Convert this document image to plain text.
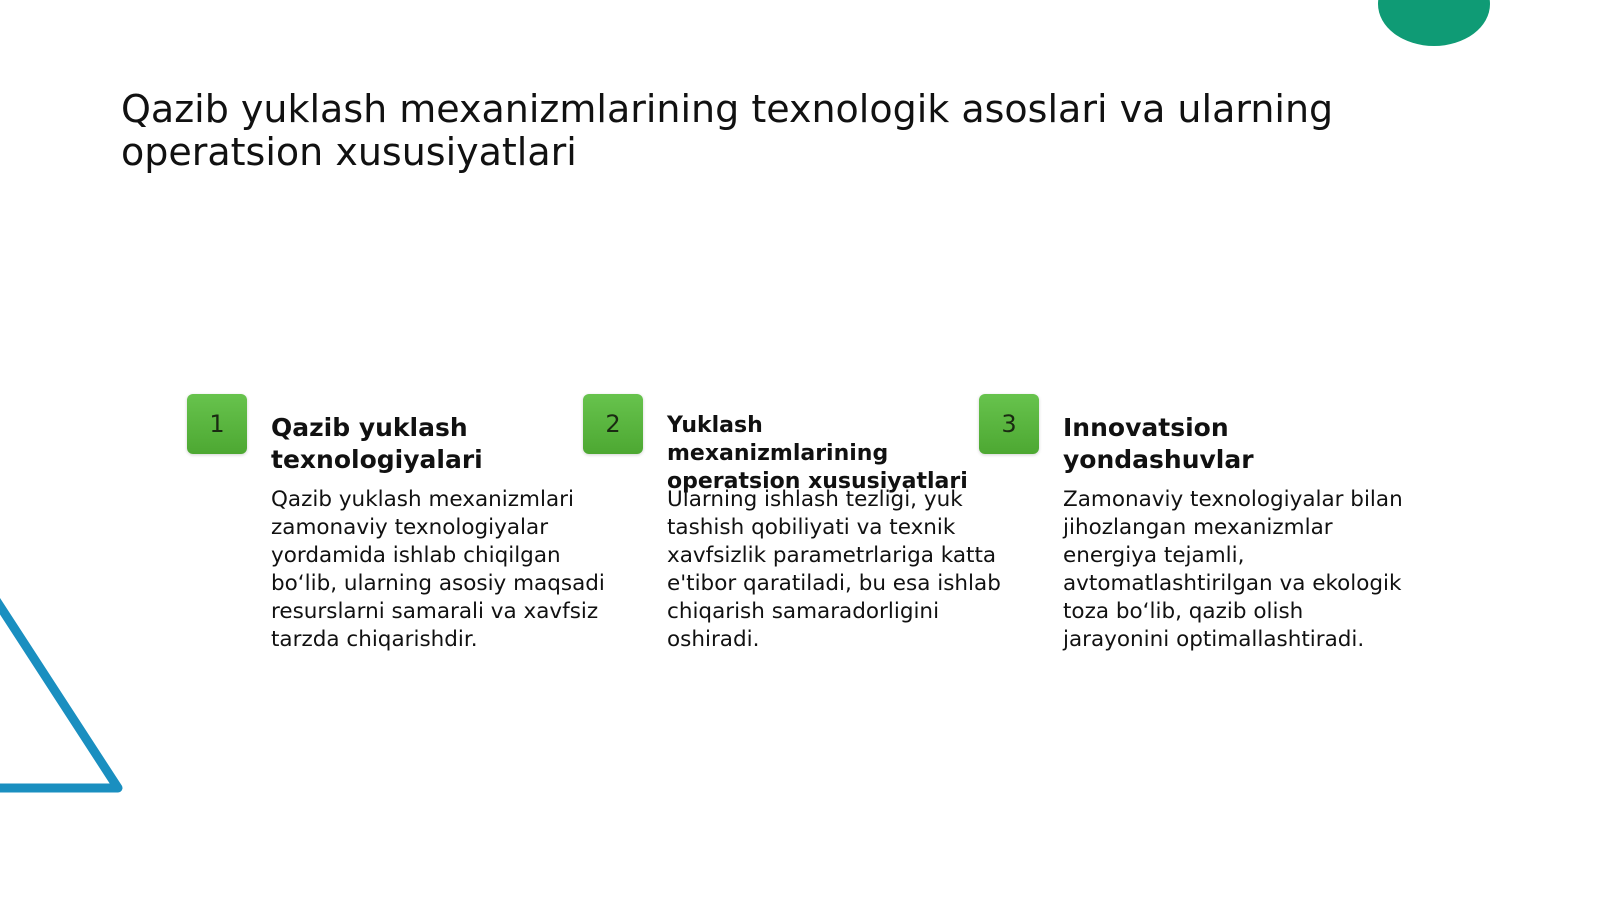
Qazib yuklash mexanizmlarining texnologik asoslari va ularning operatsion xususiyatlari
1	Qazib yuklash texnologiyalari

Qazib yuklash mexanizmlari zamonaviy texnologiyalar yordamida ishlab chiqilgan bo‘lib, ularning asosiy maqsadi resurslarni samarali va xavfsiz tarzda chiqarishdir.

2	Yuklash mexanizmlarining operatsion xususiyatlari

Ularning ishlash tezligi, yuk tashish qobiliyati va texnik xavfsizlik parametrlariga katta e'tibor qaratiladi, bu esa ishlab chiqarish samaradorligini oshiradi.

3	Innovatsion yondashuvlar

Zamonaviy texnologiyalar bilan jihozlangan mexanizmlar energiya tejamli, avtomatlashtirilgan va ekologik toza bo‘lib, qazib olish jarayonini optimallashtiradi.
